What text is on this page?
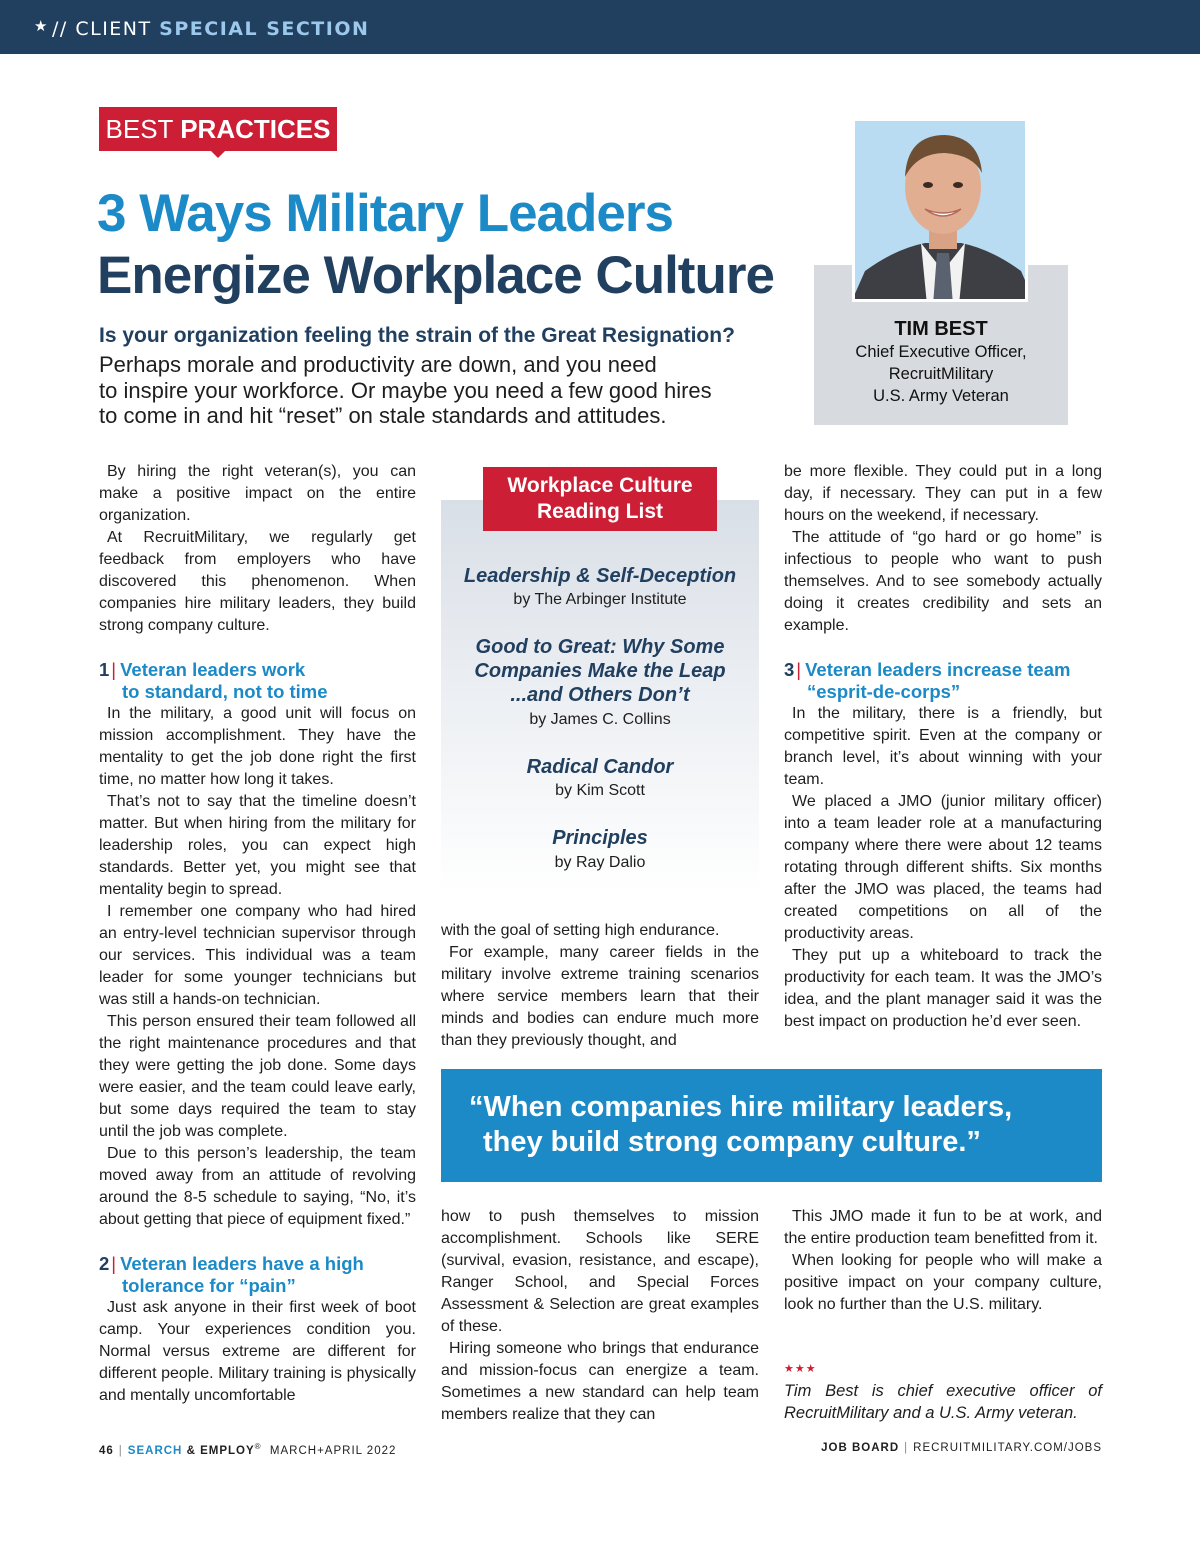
★ // CLIENT SPECIAL SECTION
BEST PRACTICES
3 Ways Military Leaders
Energize Workplace Culture
Is your organization feeling the strain of the Great Resignation?
Perhaps morale and productivity are down, and you need
to inspire your workforce. Or maybe you need a few good hires
to come in and hit “reset” on stale standards and attitudes.
TIM BEST
Chief Executive Officer,
RecruitMilitary
U.S. Army Veteran

By hiring the right veteran(s), you can make a positive impact on the entire organization.

At RecruitMilitary, we regularly get feedback from employers who have discovered this phenomenon. When companies hire military leaders, they build strong company culture.

1 | Veteran leaders work
to standard, not to time

In the military, a good unit will focus on mission accomplishment. They have the mentality to get the job done right the first time, no matter how long it takes.

That’s not to say that the timeline doesn’t matter. But when hiring from the military for leadership roles, you can expect high standards. Better yet, you might see that mentality begin to spread.

I remember one company who had hired an entry-level technician supervisor through our services. This individual was a team leader for some younger technicians but was still a hands-on technician.

This person ensured their team followed all the right maintenance procedures and that they were getting the job done. Some days were easier, and the team could leave early, but some days required the team to stay until the job was complete.

Due to this person’s leadership, the team moved away from an attitude of revolving around the 8-5 schedule to saying, “No, it’s about getting that piece of equipment fixed.”

2 | Veteran leaders have a high
tolerance for “pain”

Just ask anyone in their first week of boot camp. Your experiences condition you. Normal versus extreme are different for different people. Military training is physically and mentally uncomfortable

Workplace Culture
Reading List
Leadership & Self-Deception
by The Arbinger Institute
Good to Great: Why Some
Companies Make the Leap
...and Others Don’t
by James C. Collins
Radical Candor
by Kim Scott
Principles
by Ray Dalio

with the goal of setting high endurance.

For example, many career fields in the military involve extreme training scenarios where service members learn that their minds and bodies can endure much more than they previously thought, and

be more flexible. They could put in a long day, if necessary. They can put in a few hours on the weekend, if necessary.

The attitude of “go hard or go home” is infectious to people who want to push themselves. And to see somebody actually doing it creates credibility and sets an example.

3 | Veteran leaders increase team
“esprit-de-corps”

In the military, there is a friendly, but competitive spirit. Even at the company or branch level, it’s about winning with your team.

We placed a JMO (junior military officer) into a team leader role at a manufacturing company where there were about 12 teams rotating through different shifts. Six months after the JMO was placed, the teams had created competitions on all of the productivity areas.

They put up a whiteboard to track the productivity for each team. It was the JMO’s idea, and the plant manager said it was the best impact on production he’d ever seen.

“When companies hire military leaders,
they build strong company culture.”

how to push themselves to mission accomplishment. Schools like SERE (survival, evasion, resistance, and escape), Ranger School, and Special Forces Assessment & Selection are great examples of these.

Hiring someone who brings that endurance and mission-focus can energize a team. Sometimes a new standard can help team members realize that they can

This JMO made it fun to be at work, and the entire production team benefitted from it.

When looking for people who will make a positive impact on your company culture, look no further than the U.S. military.

★★★
Tim Best is chief executive officer of RecruitMilitary and a U.S. Army veteran.
46 | SEARCH & EMPLOY® MARCH+APRIL 2022	JOB BOARD | RECRUITMILITARY.COM/JOBS
